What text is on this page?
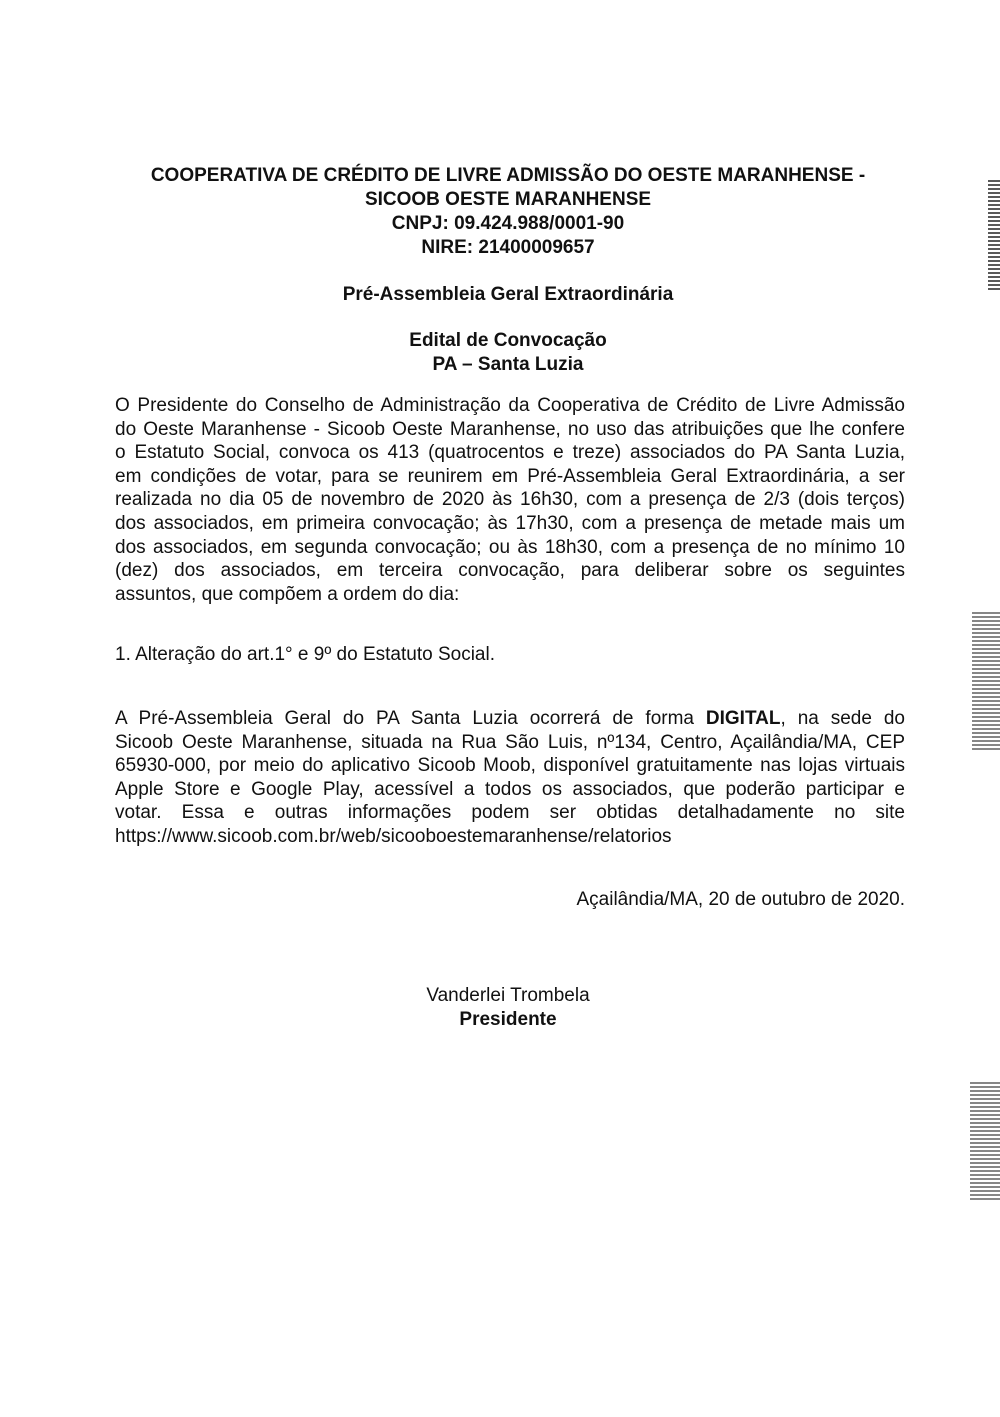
COOPERATIVA DE CRÉDITO DE LIVRE ADMISSÃO DO OESTE MARANHENSE -
SICOOB OESTE MARANHENSE
CNPJ: 09.424.988/0001-90
NIRE: 21400009657
Pré-Assembleia Geral Extraordinária
Edital de Convocação
PA – Santa Luzia
O Presidente do Conselho de Administração da Cooperativa de Crédito de Livre Admissão
do Oeste Maranhense - Sicoob Oeste Maranhense, no uso das atribuições que lhe confere
o Estatuto Social, convoca os 413 (quatrocentos e treze) associados do PA Santa Luzia,
em condições de votar, para se reunirem em Pré-Assembleia Geral Extraordinária, a ser
realizada no dia 05 de novembro de 2020 às 16h30, com a presença de 2/3 (dois terços)
dos associados, em primeira convocação; às 17h30, com a presença de metade mais um
dos associados, em segunda convocação; ou às 18h30, com a presença de no mínimo 10
(dez) dos associados, em terceira convocação, para deliberar sobre os seguintes
assuntos, que compõem a ordem do dia:
1. Alteração do art.1° e 9º do Estatuto Social.
A Pré-Assembleia Geral do PA Santa Luzia ocorrerá de forma DIGITAL, na sede do
Sicoob Oeste Maranhense, situada na Rua São Luis, nº134, Centro, Açailândia/MA, CEP
65930-000, por meio do aplicativo Sicoob Moob, disponível gratuitamente nas lojas virtuais
Apple Store e Google Play, acessível a todos os associados, que poderão participar e
votar. Essa e outras informações podem ser obtidas detalhadamente no site
https://www.sicoob.com.br/web/sicooboestemaranhense/relatorios
Açailândia/MA, 20 de outubro de 2020.
Vanderlei Trombela
Presidente
